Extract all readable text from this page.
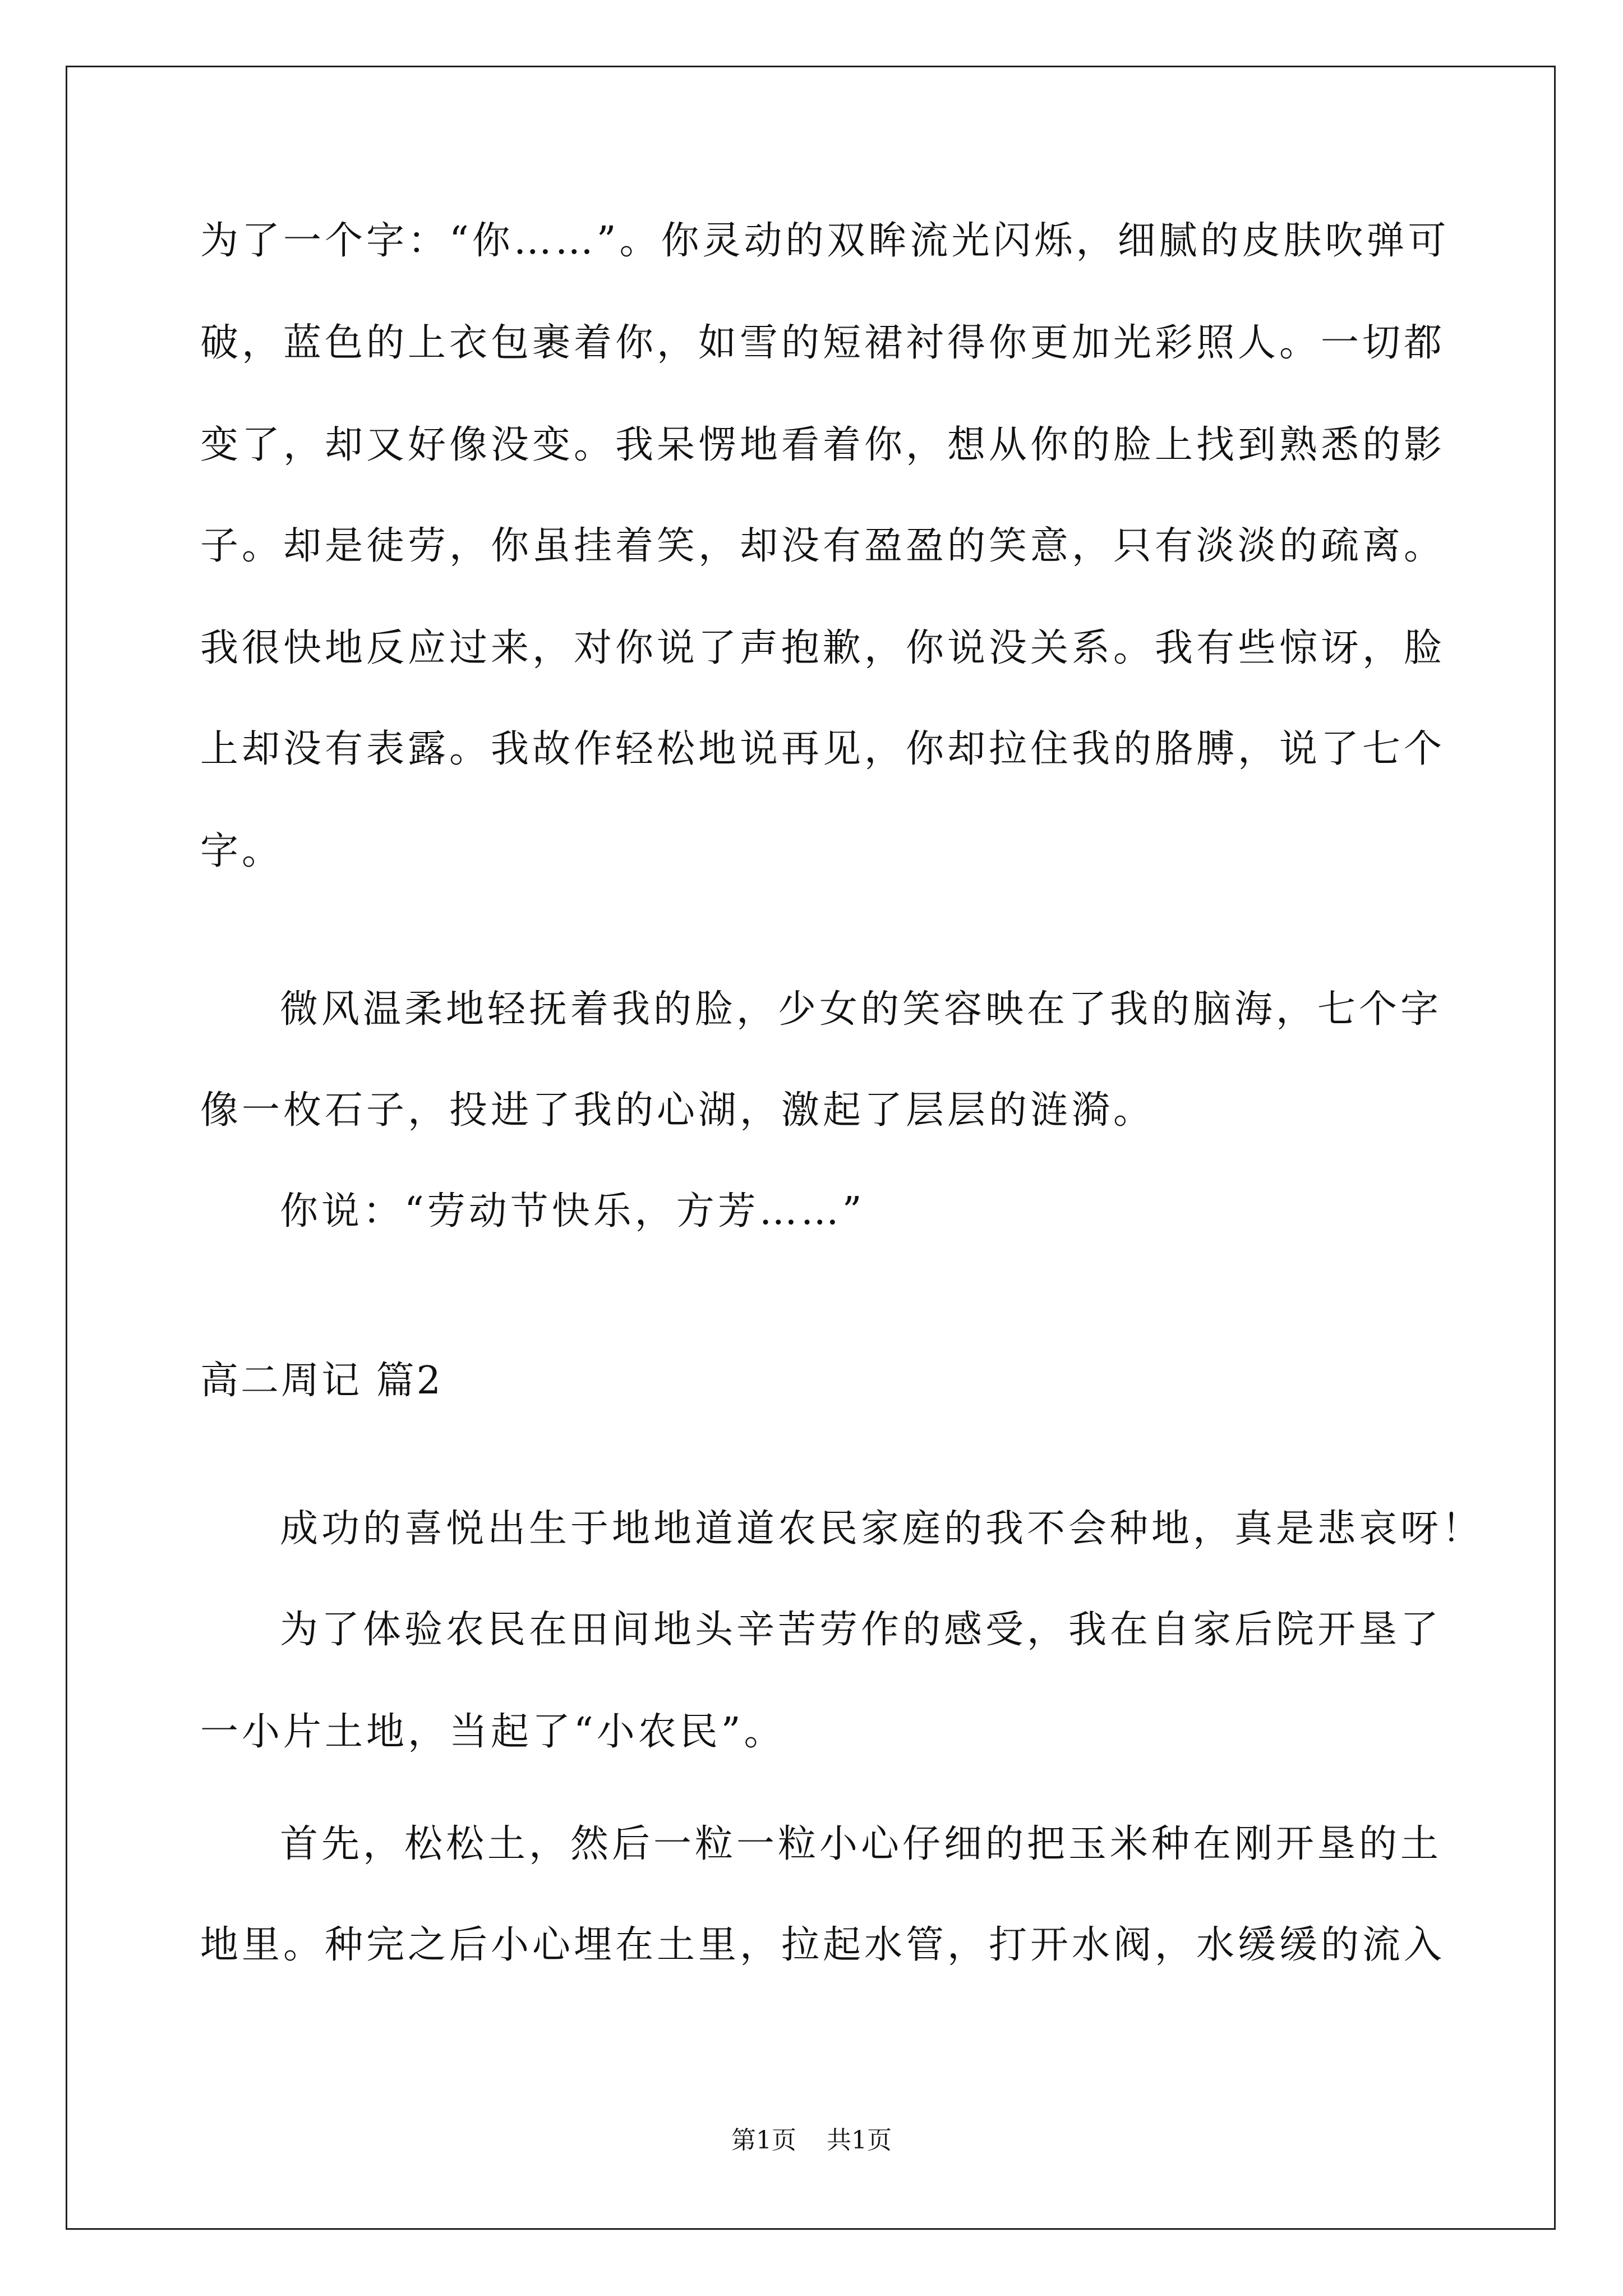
为了一个字：“你……”。你灵动的双眸流光闪烁，细腻的皮肤吹弹可

破，蓝色的上衣包裹着你，如雪的短裙衬得你更加光彩照人。一切都

变了，却又好像没变。我呆愣地看着你，想从你的脸上找到熟悉的影

子。却是徒劳，你虽挂着笑，却没有盈盈的笑意，只有淡淡的疏离。

我很快地反应过来，对你说了声抱歉，你说没关系。我有些惊讶，脸

上却没有表露。我故作轻松地说再见，你却拉住我的胳膊，说了七个

字。

微风温柔地轻抚着我的脸，少女的笑容映在了我的脑海，七个字

像一枚石子，投进了我的心湖，激起了层层的涟漪。

你说：“劳动节快乐，方芳……”

高二周记 篇2

成功的喜悦出生于地地道道农民家庭的我不会种地，真是悲哀呀！

为了体验农民在田间地头辛苦劳作的感受，我在自家后院开垦了

一小片土地，当起了“小农民”。

首先，松松土，然后一粒一粒小心仔细的把玉米种在刚开垦的土

地里。种完之后小心埋在土里，拉起水管，打开水阀，水缓缓的流入

第1页 共1页
